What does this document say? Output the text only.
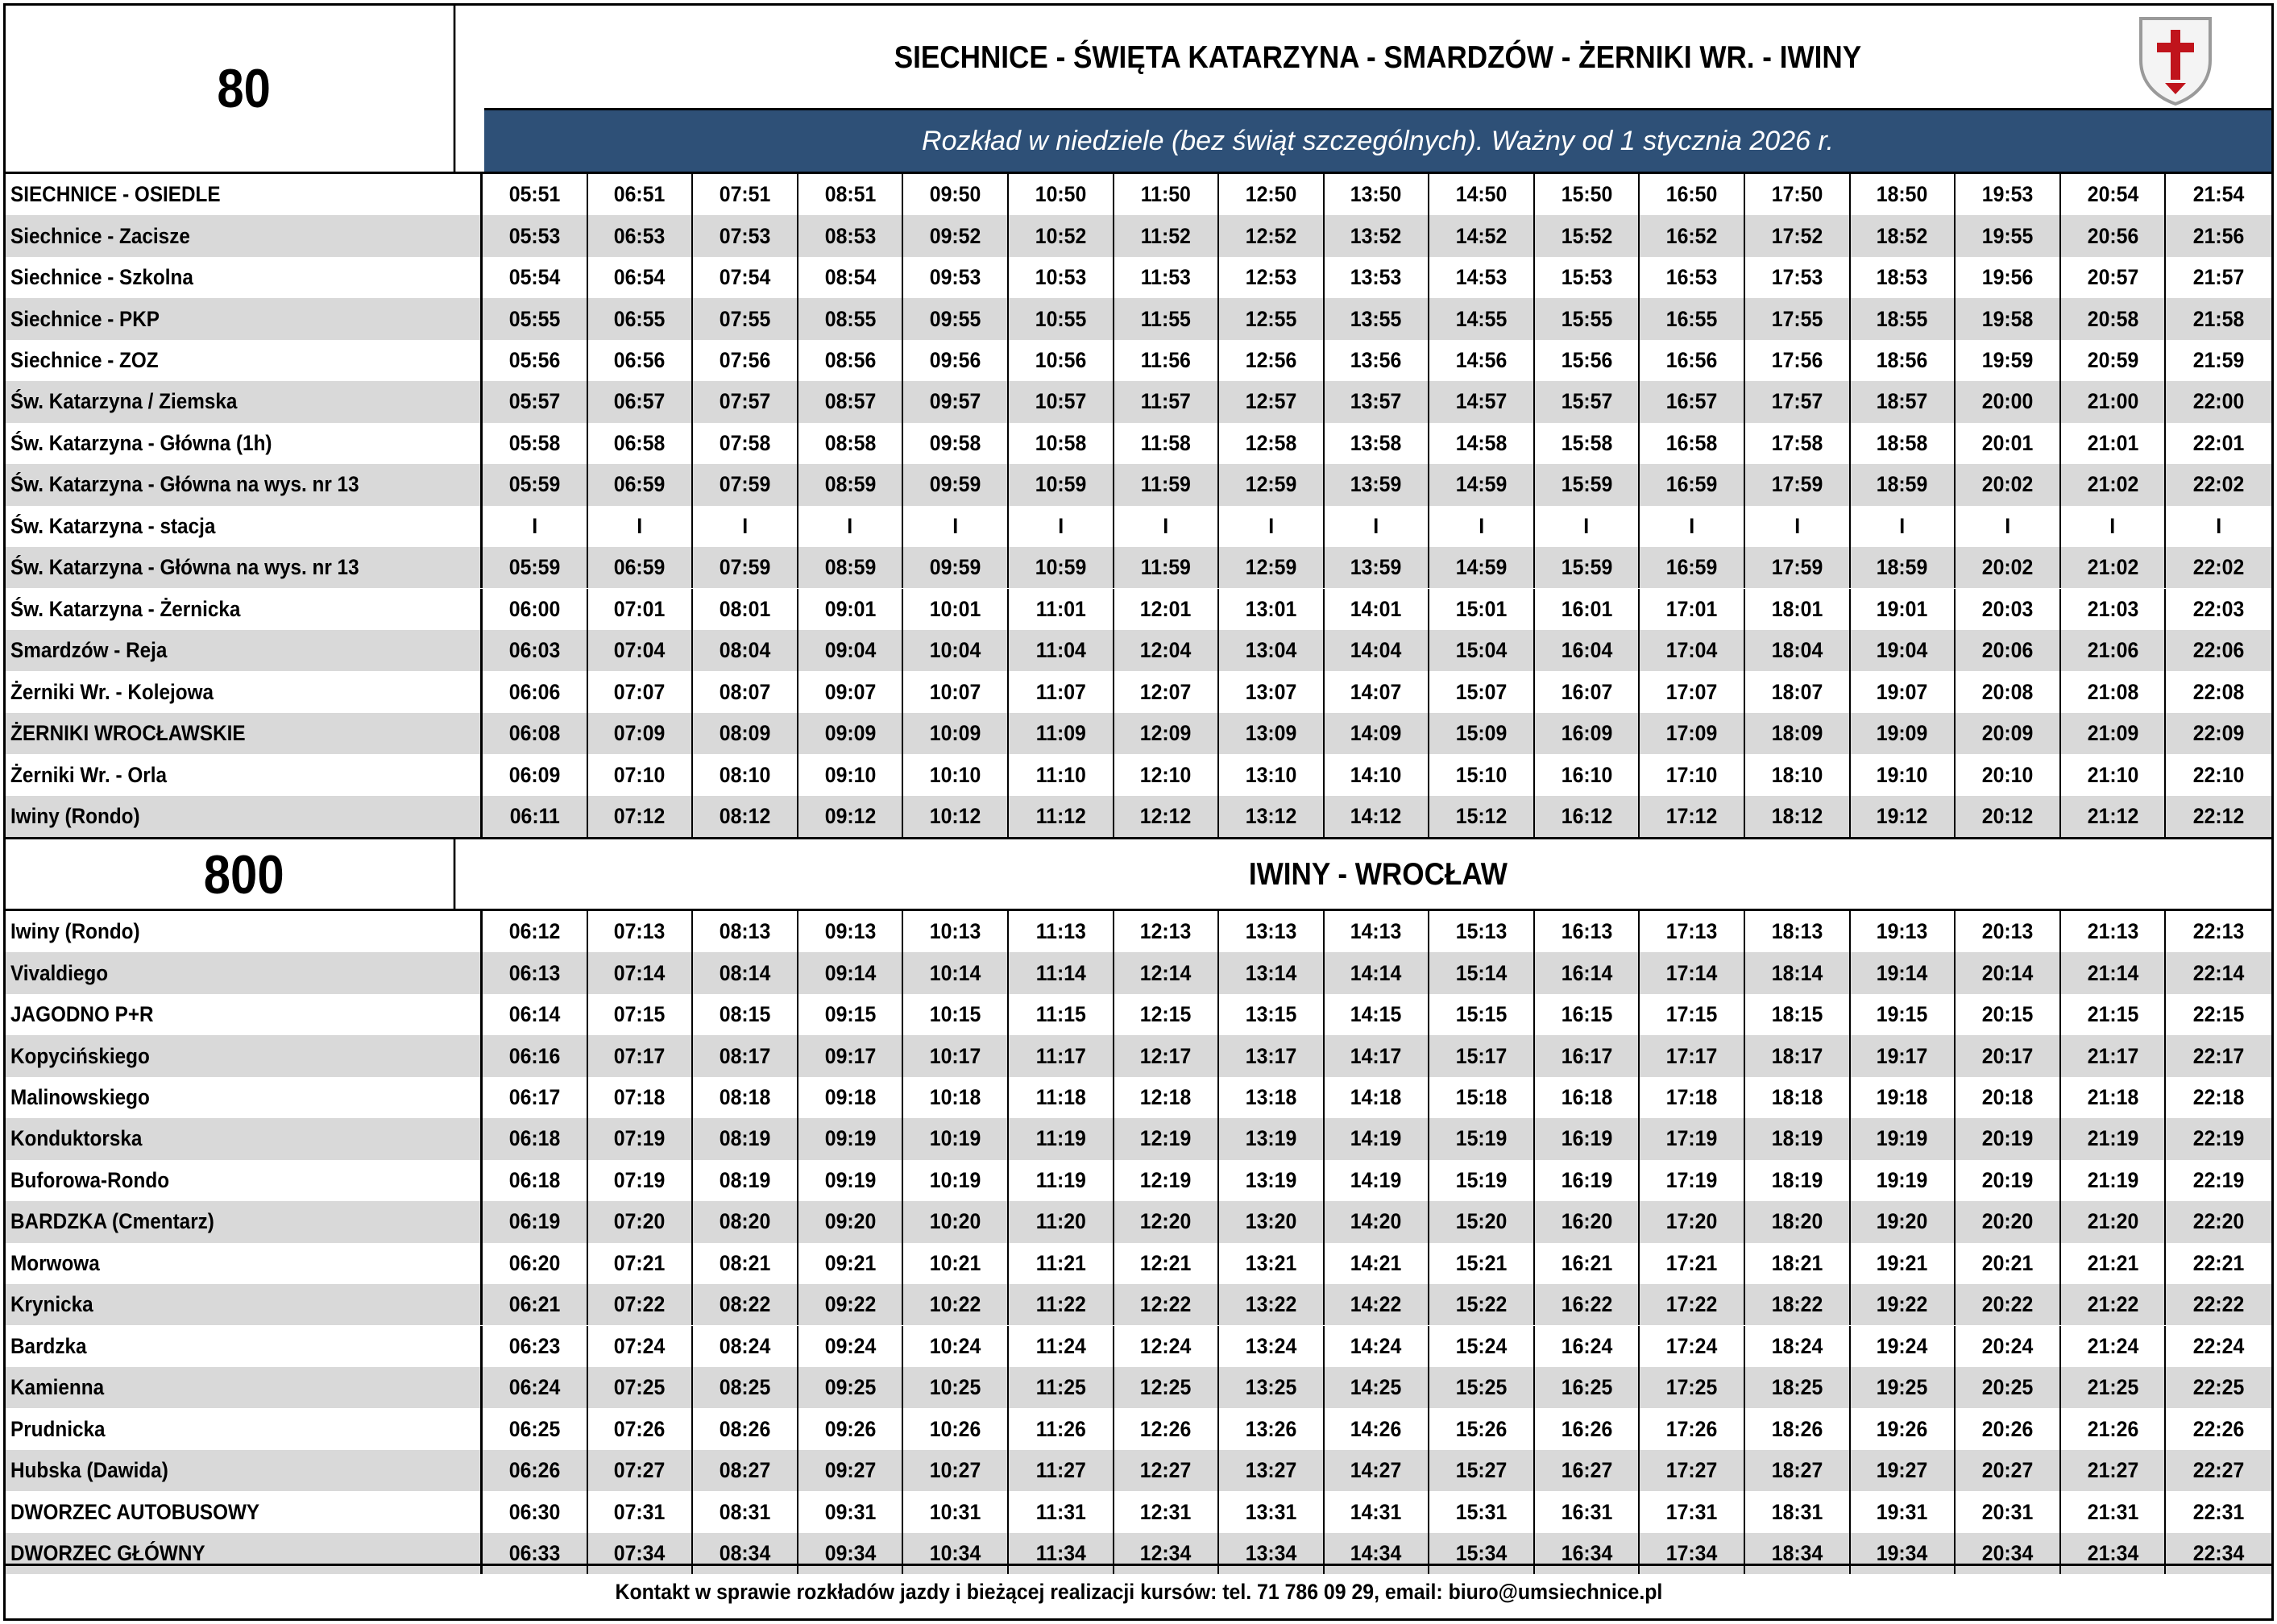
80
SIECHNICE - ŚWIĘTA KATARZYNA - SMARDZÓW - ŻERNIKI WR. - IWINY
Rozkład w niedziele (bez świąt szczególnych). Ważny od 1 stycznia 2026 r.
SIECHNICE - OSIEDLE	05:51 06:51 07:51 08:51 09:50 10:50	11:50	12:50 13:50 14:50 15:50 16:50 17:50 18:50 19:53 20:54	21:54
Siechnice - Zacisze	05:53 06:53 07:53 08:53 09:52 10:52	11:52	12:52 13:52 14:52 15:52 16:52 17:52 18:52 19:55 20:56	21:56
Siechnice - Szkolna	05:54 06:54 07:54 08:54 09:53 10:53	11:53	12:53 13:53 14:53 15:53 16:53 17:53 18:53 19:56 20:57	21:57
Siechnice - PKP	05:55 06:55 07:55 08:55 09:55 10:55	11:55	12:55 13:55 14:55 15:55 16:55 17:55 18:55 19:58 20:58	21:58
Siechnice - ZOZ	05:56 06:56 07:56 08:56 09:56 10:56	11:56	12:56 13:56 14:56 15:56 16:56 17:56 18:56 19:59 20:59	21:59
Św. Katarzyna / Ziemska	05:57 06:57 07:57 08:57 09:57 10:57	11:57	12:57 13:57 14:57 15:57 16:57 17:57 18:57 20:00 21:00	22:00
Św. Katarzyna - Główna (1h)	05:58 06:58 07:58 08:58 09:58 10:58	11:58	12:58 13:58 14:58 15:58 16:58 17:58 18:58 20:01 21:01	22:01
Św. Katarzyna - Główna na wys. nr 13	05:59 06:59 07:59 08:59 09:59 10:59	11:59	12:59 13:59 14:59 15:59 16:59 17:59 18:59 20:02 21:02	22:02
Św. Katarzyna - stacja	I	I	I	I	I	I	I	I	I	I	I	I	I	I	I	I	I
Św. Katarzyna - Główna na wys. nr 13	05:59 06:59 07:59 08:59 09:59 10:59	11:59	12:59 13:59 14:59 15:59 16:59 17:59 18:59 20:02 21:02	22:02
Św. Katarzyna - Żernicka	06:00 07:01 08:01 09:01 10:01	11:01	12:01 13:01 14:01 15:01 16:01 17:01 18:01 19:01 20:03 21:03	22:03
Smardzów - Reja	06:03 07:04 08:04 09:04 10:04	11:04	12:04 13:04 14:04 15:04 16:04 17:04 18:04 19:04 20:06 21:06	22:06
Żerniki Wr. - Kolejowa	06:06 07:07 08:07 09:07 10:07	11:07	12:07 13:07 14:07 15:07 16:07 17:07 18:07 19:07 20:08 21:08	22:08
ŻERNIKI WROCŁAWSKIE	06:08 07:09 08:09 09:09 10:09	11:09	12:09 13:09 14:09 15:09 16:09 17:09 18:09 19:09 20:09 21:09	22:09
Żerniki Wr. - Orla	06:09 07:10 08:10 09:10 10:10	11:10	12:10 13:10 14:10 15:10 16:10 17:10 18:10 19:10 20:10 21:10	22:10
Iwiny (Rondo)	06:11	07:12 08:12 09:12 10:12	11:12	12:12 13:12 14:12 15:12 16:12 17:12 18:12 19:12 20:12 21:12	22:12
800	IWINY - WROCŁAW
Iwiny (Rondo)	06:12 07:13 08:13 09:13 10:13	11:13	12:13 13:13 14:13 15:13 16:13 17:13 18:13 19:13 20:13 21:13	22:13
Vivaldiego	06:13 07:14 08:14 09:14 10:14	11:14	12:14 13:14 14:14 15:14 16:14 17:14 18:14 19:14 20:14 21:14	22:14
JAGODNO P+R	06:14 07:15 08:15 09:15 10:15	11:15	12:15 13:15 14:15 15:15 16:15 17:15 18:15 19:15 20:15 21:15	22:15
Kopycińskiego	06:16 07:17 08:17 09:17 10:17	11:17	12:17 13:17 14:17 15:17 16:17 17:17 18:17 19:17 20:17 21:17	22:17
Malinowskiego	06:17 07:18 08:18 09:18 10:18	11:18	12:18 13:18 14:18 15:18 16:18 17:18 18:18 19:18 20:18 21:18	22:18
Konduktorska	06:18 07:19 08:19 09:19 10:19	11:19	12:19 13:19 14:19 15:19 16:19 17:19 18:19 19:19 20:19 21:19	22:19
Buforowa-Rondo	06:18 07:19 08:19 09:19 10:19	11:19	12:19 13:19 14:19 15:19 16:19 17:19 18:19 19:19 20:19 21:19	22:19
BARDZKA (Cmentarz)	06:19 07:20 08:20 09:20 10:20	11:20	12:20 13:20 14:20 15:20 16:20 17:20 18:20 19:20 20:20 21:20	22:20
Morwowa	06:20 07:21 08:21 09:21 10:21	11:21	12:21 13:21 14:21 15:21 16:21 17:21 18:21 19:21 20:21 21:21	22:21
Krynicka	06:21 07:22 08:22 09:22 10:22	11:22	12:22 13:22 14:22 15:22 16:22 17:22 18:22 19:22 20:22 21:22	22:22
Bardzka	06:23 07:24 08:24 09:24 10:24	11:24	12:24 13:24 14:24 15:24 16:24 17:24 18:24 19:24 20:24 21:24	22:24
Kamienna	06:24 07:25 08:25 09:25 10:25	11:25	12:25 13:25 14:25 15:25 16:25 17:25 18:25 19:25 20:25 21:25	22:25
Prudnicka	06:25 07:26 08:26 09:26 10:26	11:26	12:26 13:26 14:26 15:26 16:26 17:26 18:26 19:26 20:26 21:26	22:26
Hubska (Dawida)	06:26 07:27 08:27 09:27 10:27	11:27	12:27 13:27 14:27 15:27 16:27 17:27 18:27 19:27 20:27 21:27	22:27
DWORZEC AUTOBUSOWY	06:30 07:31 08:31 09:31 10:31	11:31	12:31 13:31 14:31 15:31 16:31 17:31 18:31 19:31 20:31 21:31	22:31
DWORZEC GŁÓWNY	06:33 07:34 08:34 09:34 10:34	11:34	12:34 13:34 14:34 15:34 16:34 17:34 18:34 19:34 20:34 21:34	22:34
Kontakt w sprawie rozkładów jazdy i bieżącej realizacji kursów: tel. 71 786 09 29, email: biuro@umsiechnice.pl
